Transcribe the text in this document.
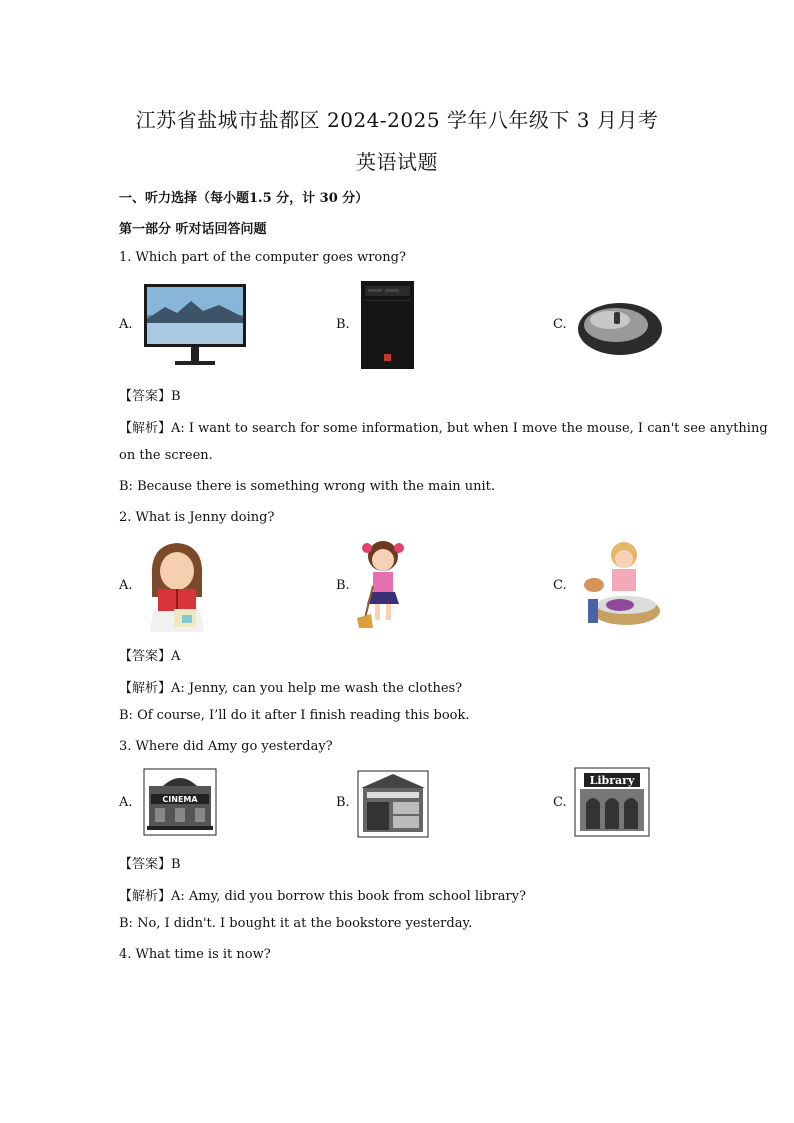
江苏省盐城市盐都区 2024-2025 学年八年级下 3 月月考
英语试题
一、听力选择（每小题1.5 分，计 30 分）
第一部分 听对话回答问题
1. Which part of the computer goes wrong?
A.	B.	C.
【答案】B
【解析】A: I want to search for some information, but when I move the mouse, I can't see anything
on the screen.
B: Because there is something wrong with the main unit.
2. What is Jenny doing?
A.	B.	C.
【答案】A
【解析】A: Jenny, can you help me wash the clothes?
B: Of course, I’ll do it after I finish reading this book.
3. Where did Amy go yesterday?
A.	CINEMA	B.	C.
Library
【答案】B
【解析】A: Amy, did you borrow this book from school library?
B: No, I didn't. I bought it at the bookstore yesterday.
4. What time is it now?
